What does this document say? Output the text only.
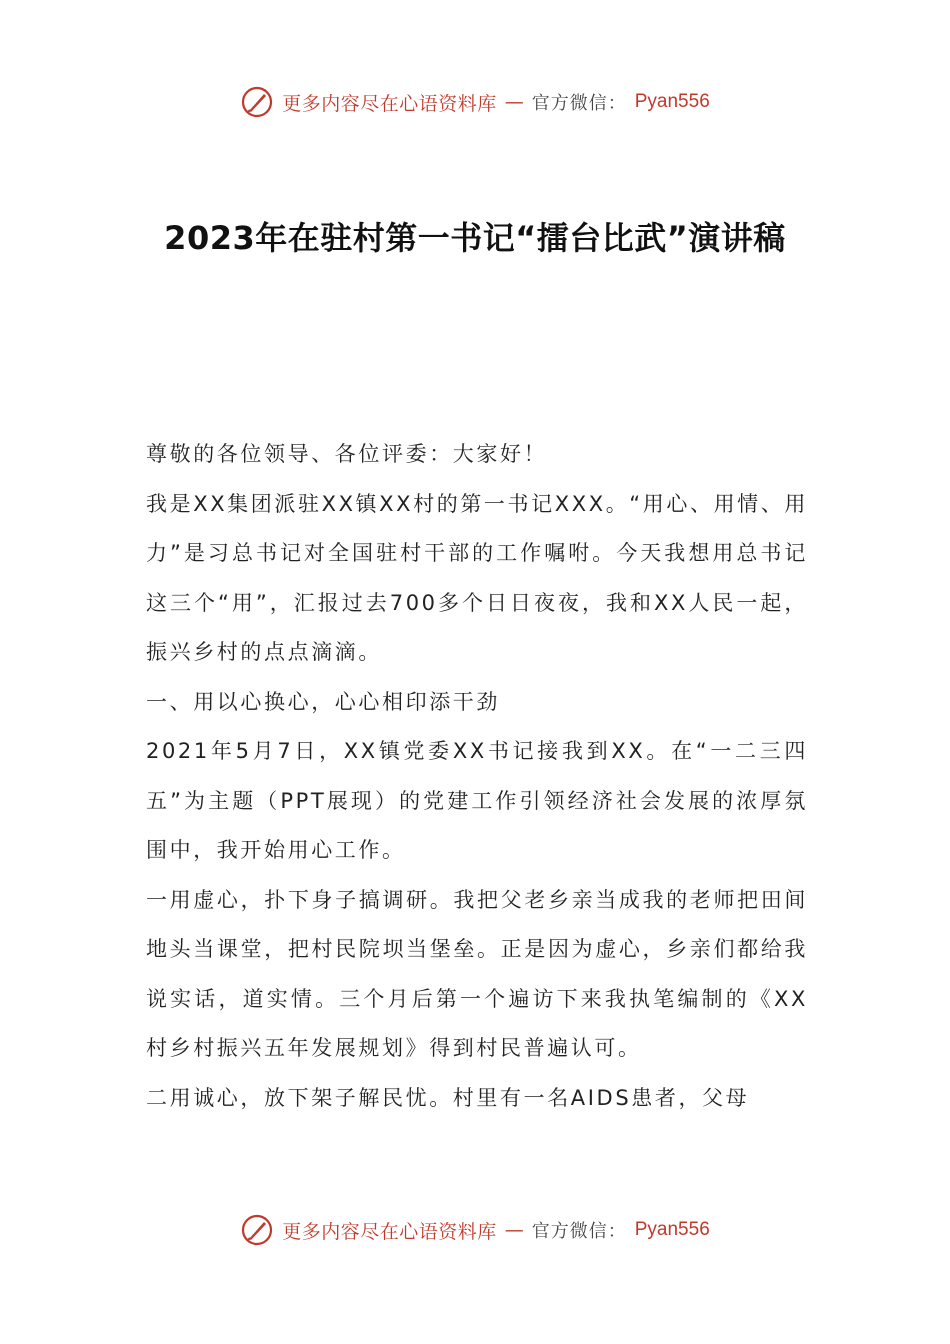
更多内容尽在心语资料库 — 官方微信： Pyan556
2023年在驻村第一书记“擂台比武”演讲稿

尊敬的各位领导、各位评委：大家好！

我是XX集团派驻XX镇XX村的第一书记XXX。“用心、用情、用力”是习总书记对全国驻村干部的工作嘱咐。今天我想用总书记这三个“用”，汇报过去700多个日日夜夜，我和XX人民一起，振兴乡村的点点滴滴。

一、用以心换心，心心相印添干劲

2021年5月7日，XX镇党委XX书记接我到XX。在“一二三四五”为主题（PPT展现）的党建工作引领经济社会发展的浓厚氛围中，我开始用心工作。

一用虚心，扑下身子搞调研。我把父老乡亲当成我的老师把田间地头当课堂，把村民院坝当堡垒。正是因为虚心，乡亲们都给我说实话，道实情。三个月后第一个遍访下来我执笔编制的《XX村乡村振兴五年发展规划》得到村民普遍认可。

二用诚心，放下架子解民忧。村里有一名AIDS患者，父母

更多内容尽在心语资料库 — 官方微信： Pyan556
